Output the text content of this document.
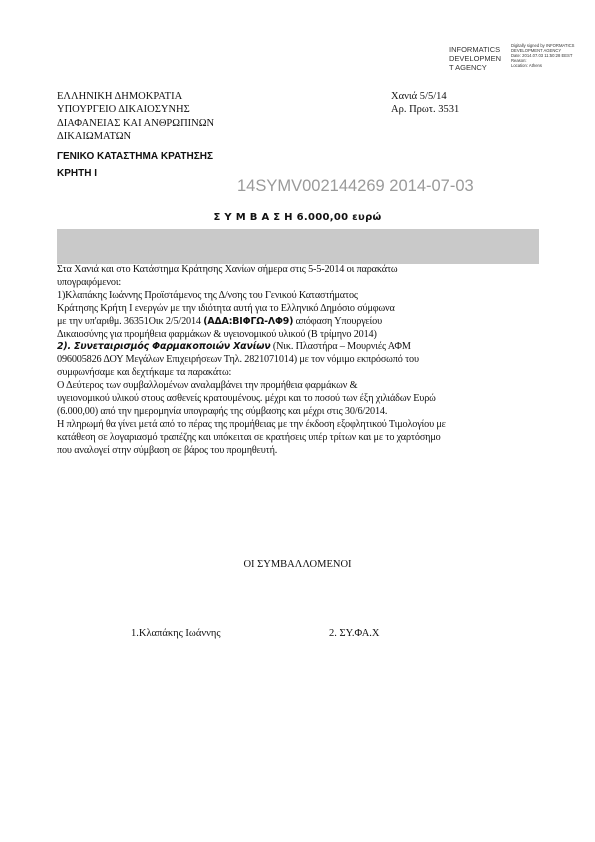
INFORMATICS
DEVELOPMEN
T AGENCY
Digitally signed by INFORMATICS
DEVELOPMENT AGENCY
Date: 2014.07.03 11:50:28 EEST
Reason:
Location: Athens
ΕΛΛΗΝΙΚΗ ΔΗΜΟΚΡΑΤΙΑ
ΥΠΟΥΡΓΕΙΟ ΔΙΚΑΙΟΣΥΝΗΣ
ΔΙΑΦΑΝΕΙΑΣ ΚΑΙ ΑΝΘΡΩΠΙΝΩΝ
ΔΙΚΑΙΩΜΑΤΩΝ
Χανιά 5/5/14
Αρ. Πρωτ. 3531
ΓΕΝΙΚΟ ΚΑΤΑΣΤΗΜΑ ΚΡΑΤΗΣΗΣ
ΚΡΗΤΗ Ι
14SYMV002144269 2014-07-03
Σ Υ Μ Β Α Σ Η 6.000,00 ευρώ

Στα Χανιά και στο Κατάστημα Κράτησης Χανίων σήμερα στις 5-5-2014 οι παρακάτω

υπογραφόμενοι:

1)Κλαπάκης Ιωάννης Προϊστάμενος της Δ/νσης του Γενικού Καταστήματος

Κράτησης Κρήτη Ι ενεργών με την ιδιότητα αυτή για το Ελληνικό Δημόσιο σύμφωνα

με την υπ'αριθμ. 36351Οικ 2/5/2014 (ΑΔΑ:ΒΙΦΓΩ-ΛΦ9) απόφαση Υπουργείου

Δικαιοσύνης για προμήθεια φαρμάκων & υγειονομικού υλικού (Β τρίμηνο 2014)

2). Συνεταιρισμός Φαρμακοποιών Χανίων (Νικ. Πλαστήρα – Μουρνιές ΑΦΜ

096005826 ΔΟΥ Μεγάλων Επιχειρήσεων Τηλ. 2821071014) με τον νόμιμο εκπρόσωπό του

συμφωνήσαμε και δεχτήκαμε τα παρακάτω:

Ο Δεύτερος των συμβαλλομένων αναλαμβάνει την προμήθεια φαρμάκων &

υγειονομικού υλικού στους ασθενείς κρατουμένους. μέχρι και το ποσού των έξη χιλιάδων Ευρώ

(6.000,00) από την ημερομηνία υπογραφής της σύμβασης και μέχρι στις 30/6/2014.

Η πληρωμή θα γίνει μετά από το πέρας της προμήθειας με την έκδοση εξοφλητικού Τιμολογίου με

κατάθεση σε λογαριασμό τραπέζης και υπόκειται σε κρατήσεις υπέρ τρίτων και με το χαρτόσημο

που αναλογεί στην σύμβαση σε βάρος του προμηθευτή.

ΟΙ ΣΥΜΒΑΛΛΟΜΕΝΟΙ
1.Κλαπάκης Ιωάννης	2. ΣΥ.ΦΑ.Χ
